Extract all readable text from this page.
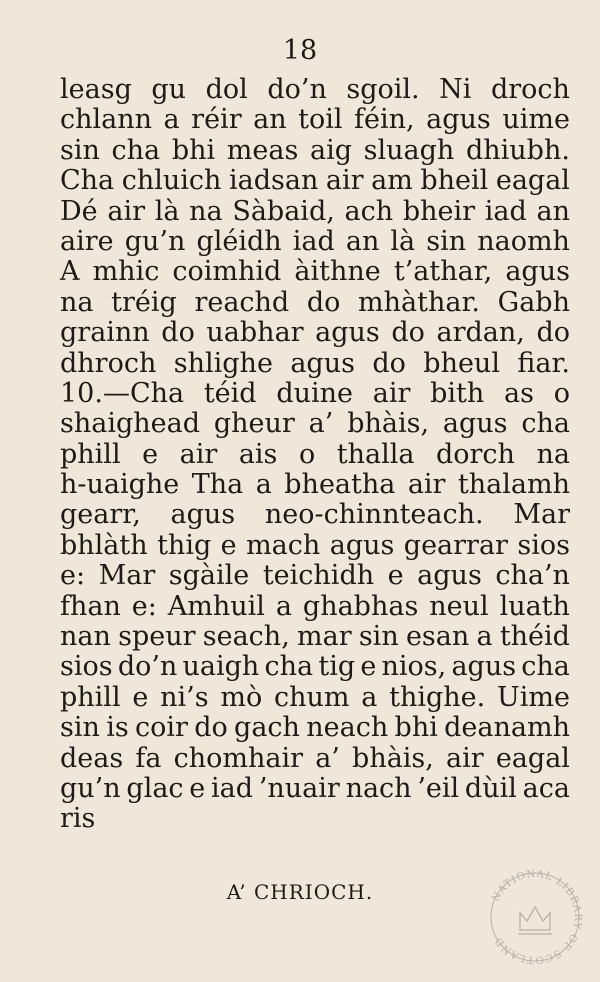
18
leasg gu dol do’n sgoil. Ni droch
chlann a réir an toil féin, agus uime
sin cha bhi meas aig sluagh dhiubh.
Cha chluich iadsan air am bheil eagal
Dé air là na Sàbaid, ach bheir iad an
aire gu’n gléidh iad an là sin naomh
A mhic coimhid àithne t’athar, agus
na tréig reachd do mhàthar. Gabh
grainn do uabhar agus do ardan, do
dhroch shlighe agus do bheul fiar.
10.—Cha téid duine air bith as o
shaighead gheur a’ bhàis, agus cha
phill e air ais o thalla dorch na
h-uaighe Tha a bheatha air thalamh
gearr, agus neo-chinnteach. Mar
bhlàth thig e mach agus gearrar sios
e: Mar sgàile teichidh e agus cha’n
fhan e: Amhuil a ghabhas neul luath
nan speur seach, mar sin esan a théid
sios do’n uaigh cha tig e nios, agus cha
phill e ni’s mò chum a thighe. Uime
sin is coir do gach neach bhi deanamh
deas fa chomhair a’ bhàis, air eagal
gu’n glac e iad ’nuair nach ’eil dùil aca
ris
A’ CHRIOCH.	NATIONAL LIBRARY OF SCOTLAND
